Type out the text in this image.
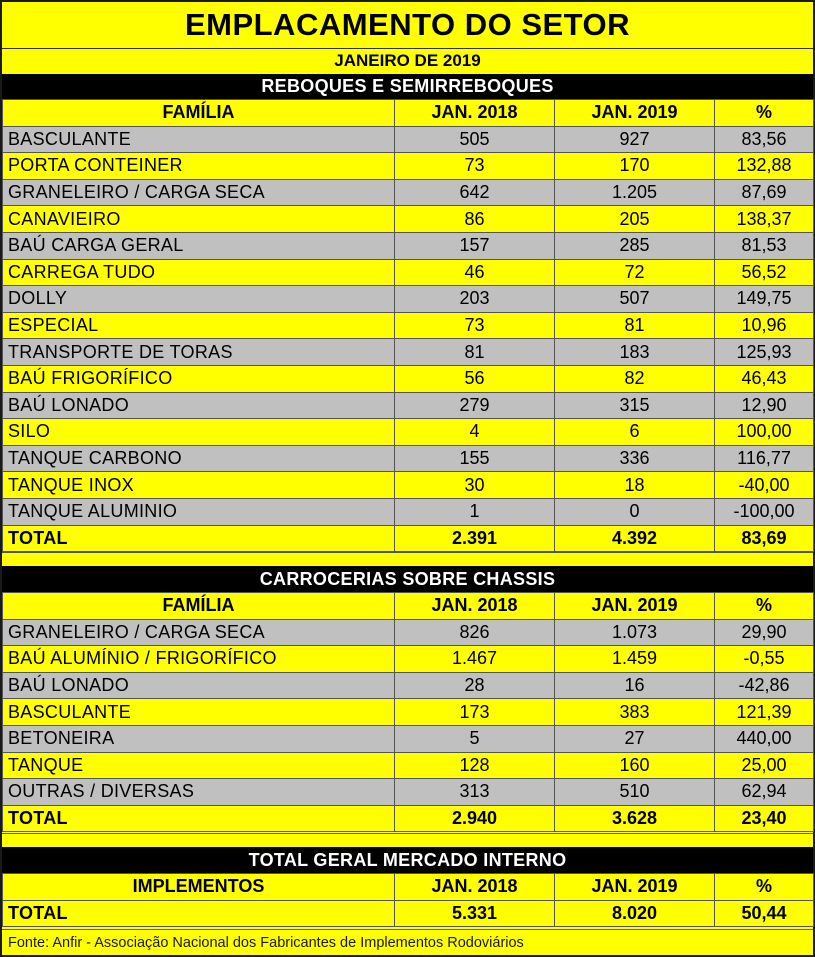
EMPLACAMENTO DO SETOR
JANEIRO DE 2019
REBOQUES E SEMIRREBOQUES
FAMÍLIA	JAN. 2018	JAN. 2019	%
BASCULANTE	505	927	83,56
PORTA CONTEINER	73	170	132,88
GRANELEIRO / CARGA SECA	642	1.205	87,69
CANAVIEIRO	86	205	138,37
BAÚ CARGA GERAL	157	285	81,53
CARREGA TUDO	46	72	56,52
DOLLY	203	507	149,75
ESPECIAL	73	81	10,96
TRANSPORTE DE TORAS	81	183	125,93
BAÚ FRIGORÍFICO	56	82	46,43
BAÚ LONADO	279	315	12,90
SILO	4	6	100,00
TANQUE CARBONO	155	336	116,77
TANQUE INOX	30	18	-40,00
TANQUE ALUMINIO	1	0	-100,00
TOTAL	2.391	4.392	83,69
CARROCERIAS SOBRE CHASSIS
FAMÍLIA	JAN. 2018	JAN. 2019	%
GRANELEIRO / CARGA SECA	826	1.073	29,90
BAÚ ALUMÍNIO / FRIGORÍFICO	1.467	1.459	-0,55
BAÚ LONADO	28	16	-42,86
BASCULANTE	173	383	121,39
BETONEIRA	5	27	440,00
TANQUE	128	160	25,00
OUTRAS / DIVERSAS	313	510	62,94
TOTAL	2.940	3.628	23,40
TOTAL GERAL MERCADO INTERNO
IMPLEMENTOS	JAN. 2018	JAN. 2019	%
TOTAL	5.331	8.020	50,44
Fonte: Anfir - Associação Nacional dos Fabricantes de Implementos Rodoviários
